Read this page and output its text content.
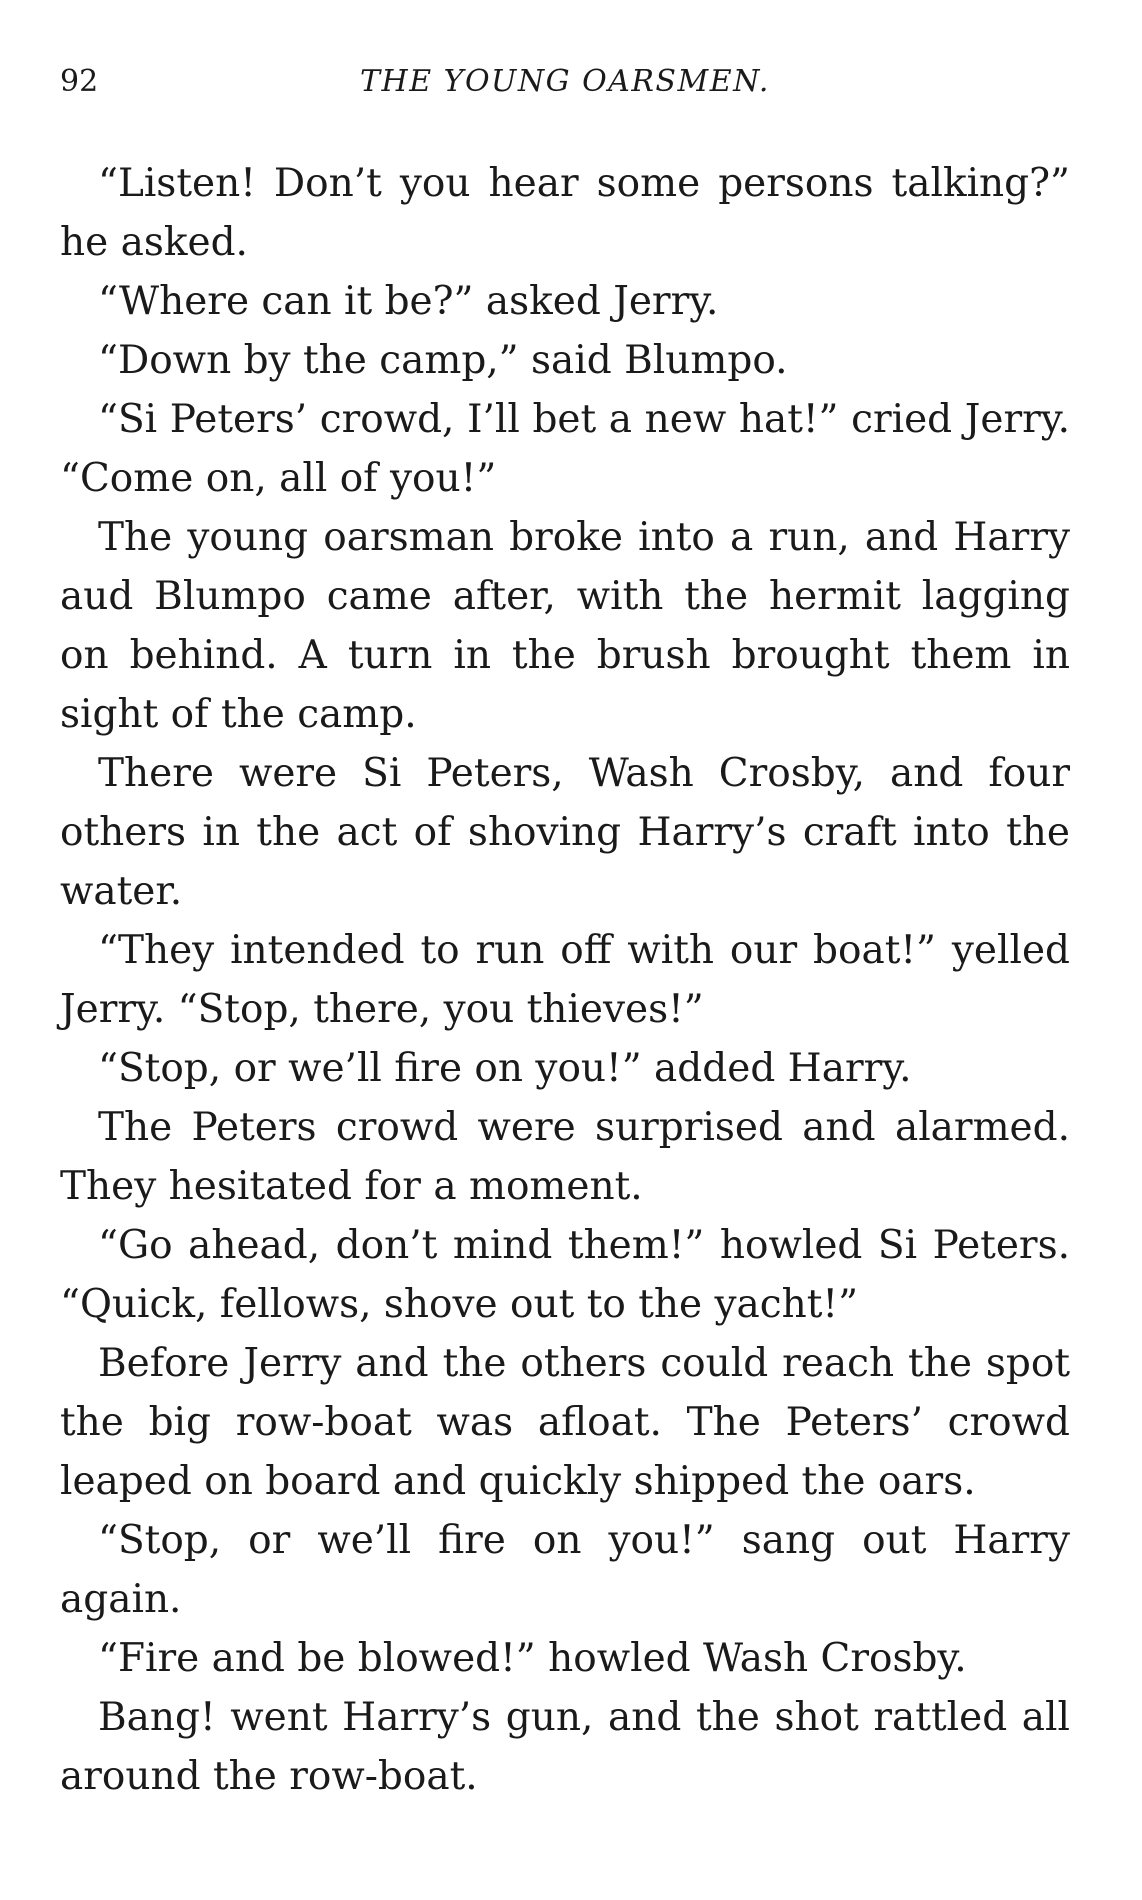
92	THE YOUNG OARSMEN.

“Listen! Don’t you hear some persons talking?” he asked.

“Where can it be?” asked Jerry.

“Down by the camp,” said Blumpo.

“Si Peters’ crowd, I’ll bet a new hat!” cried Jerry. “Come on, all of you!”

The young oarsman broke into a run, and Harry aud Blumpo came after, with the hermit lagging on behind. A turn in the brush brought them in sight of the camp.

There were Si Peters, Wash Crosby, and four others in the act of shoving Harry’s craft into the water.

“They intended to run off with our boat!” yelled Jerry. “Stop, there, you thieves!”

“Stop, or we’ll fire on you!” added Harry.

The Peters crowd were surprised and alarmed. They hesitated for a moment.

“Go ahead, don’t mind them!” howled Si Peters. “Quick, fellows, shove out to the yacht!”

Before Jerry and the others could reach the spot the big row-boat was afloat. The Peters’ crowd leaped on board and quickly shipped the oars.

“Stop, or we’ll fire on you!” sang out Harry again.

“Fire and be blowed!” howled Wash Crosby.

Bang! went Harry’s gun, and the shot rattled all around the row-boat.
